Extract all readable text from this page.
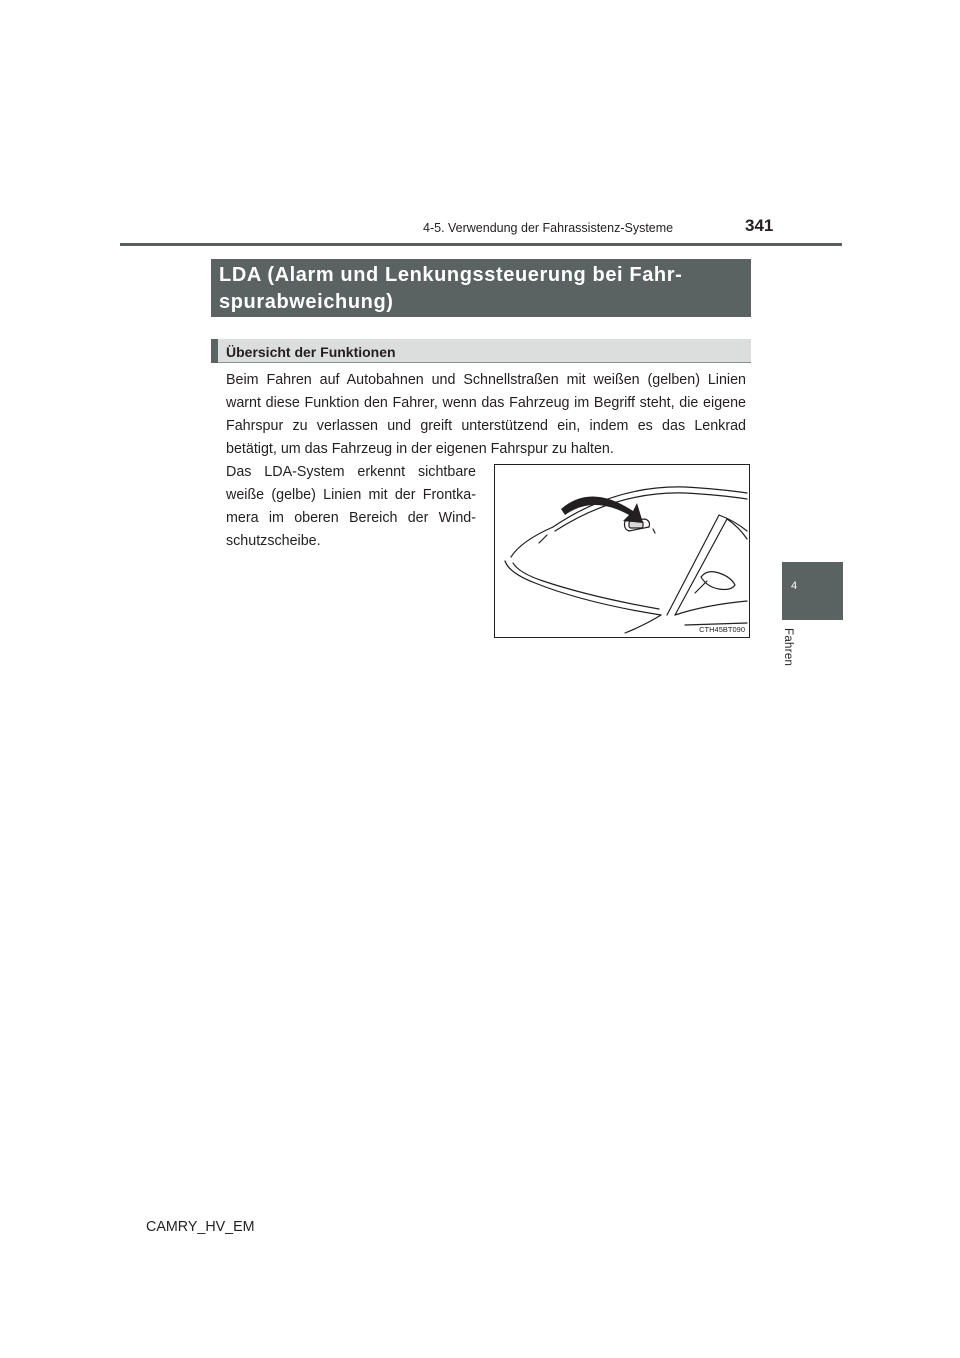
4-5. Verwendung der Fahrassistenz-Systeme	341
LDA (Alarm und Lenkungssteuerung bei Fahr-
spurabweichung)
Übersicht der Funktionen

Beim Fahren auf Autobahnen und Schnellstraßen mit weißen (gelben) Linien warnt diese Funktion den Fahrer, wenn das Fahrzeug im Begriff steht, die eigene Fahrspur zu verlassen und greift unterstützend ein, indem es das Lenkrad betätigt, um das Fahrzeug in der eigenen Fahrspur zu halten.

Das LDA-System erkennt sichtbare weiße (gelbe) Linien mit der Frontka-mera im oberen Bereich der Wind-schutzscheibe.

CTH45BT090
4
Fahren
CAMRY_HV_EM
